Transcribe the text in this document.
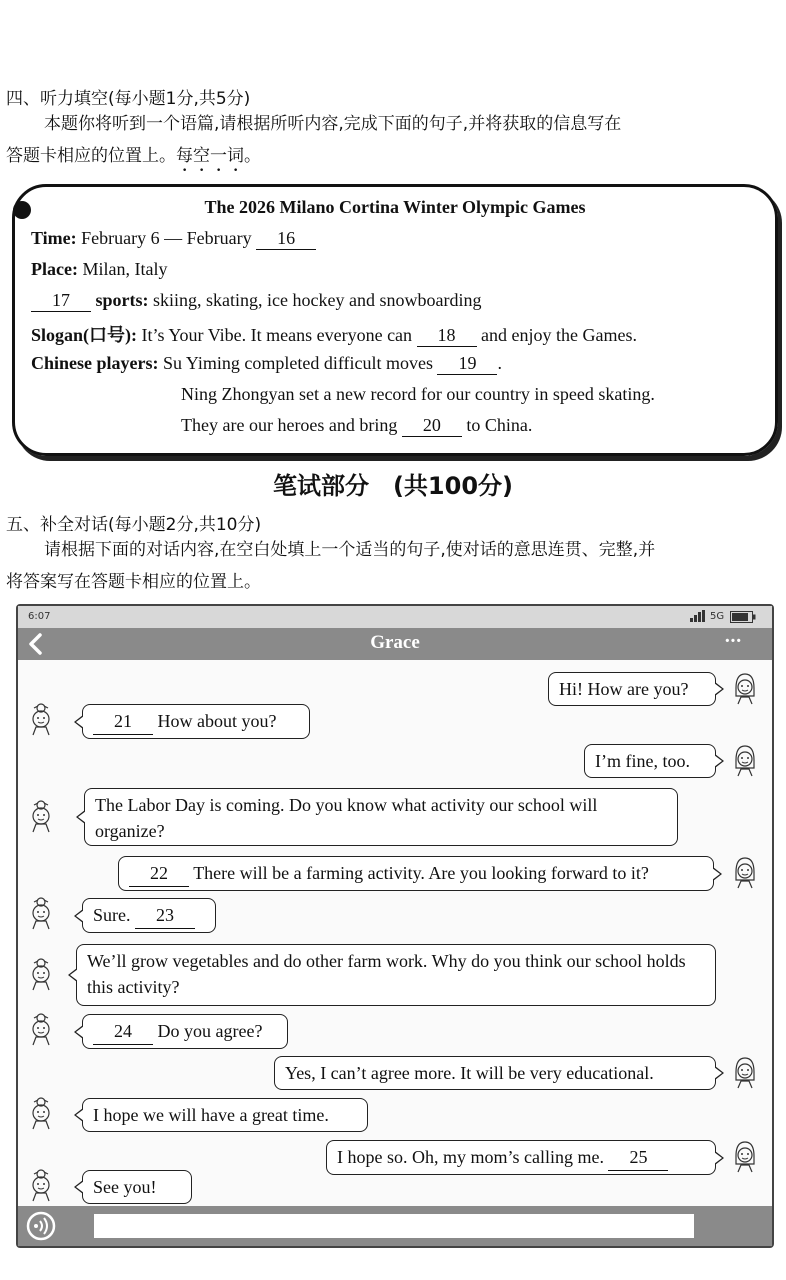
四、听力填空(每小题1分,共5分)
本题你将听到一个语篇,请根据所听内容,完成下面的句子,并将获取的信息写在
答题卡相应的位置上。每空一词。
The 2026 Milano Cortina Winter Olympic Games
Time: February 6 — February 16
Place: Milan, Italy
17 sports: skiing, skating, ice hockey and snowboarding
Slogan(口号): It’s Your Vibe. It means everyone can 18 and enjoy the Games.
Chinese players: Su Yiming completed difficult moves 19 .
Ning Zhongyan set a new record for our country in speed skating.
They are our heroes and bring 20 to China.
笔试部分　(共100分)
五、补全对话(每小题2分,共10分)
请根据下面的对话内容,在空白处填上一个适当的句子,使对话的意思连贯、完整,并
将答案写在答题卡相应的位置上。
6:07	5G
Grace	···
Hi! How are you?
21 How about you?
I’m fine, too.
The Labor Day is coming. Do you know what activity our school will organize?
22 There will be a farming activity. Are you looking forward to it?
Sure. 23
We’ll grow vegetables and do other farm work. Why do you think our school holds this activity?
24 Do you agree?
Yes, I can’t agree more. It will be very educational.
I hope we will have a great time.
I hope so. Oh, my mom’s calling me. 25
See you!
